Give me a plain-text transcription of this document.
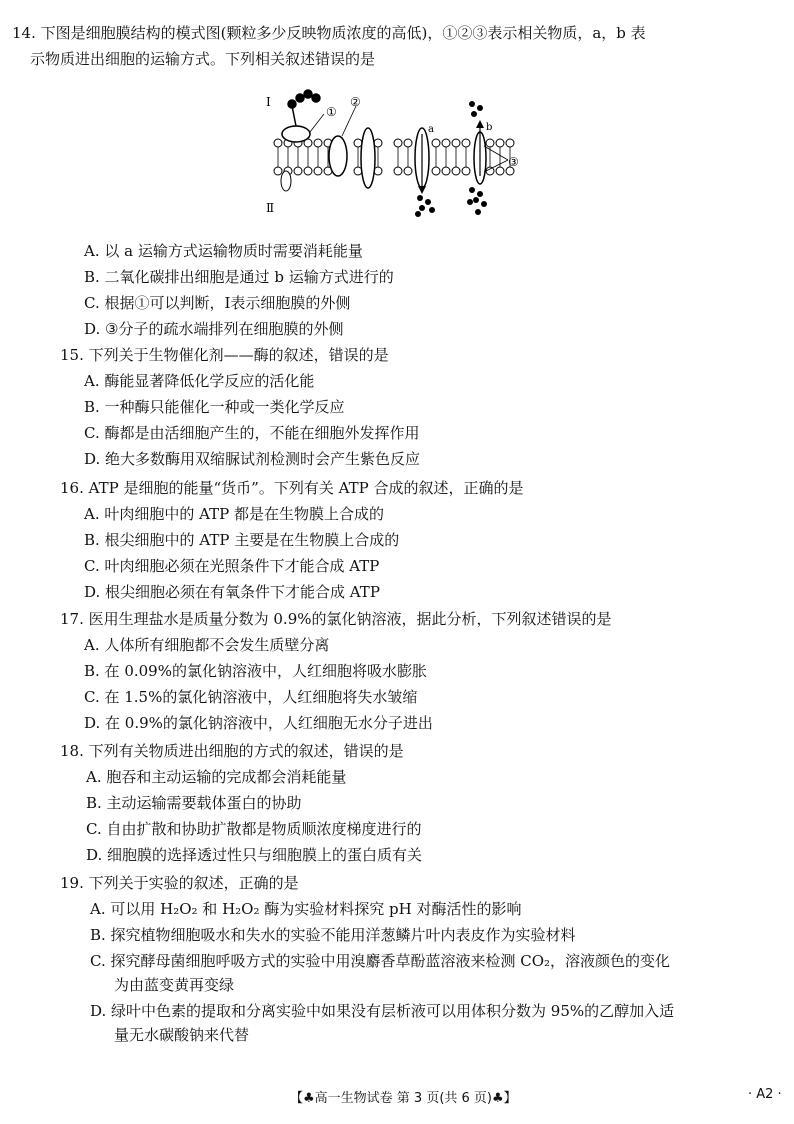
14. 下图是细胞膜结构的模式图(颗粒多少反映物质浓度的高低)，①②③表示相关物质，a，b 表
示物质进出细胞的运输方式。下列相关叙述错误的是
Ⅰ
Ⅱ
①
②
③
a	b
A. 以 a 运输方式运输物质时需要消耗能量
B. 二氧化碳排出细胞是通过 b 运输方式进行的
C. 根据①可以判断，Ⅰ表示细胞膜的外侧
D. ③分子的疏水端排列在细胞膜的外侧
15. 下列关于生物催化剂——酶的叙述，错误的是
A. 酶能显著降低化学反应的活化能
B. 一种酶只能催化一种或一类化学反应
C. 酶都是由活细胞产生的，不能在细胞外发挥作用
D. 绝大多数酶用双缩脲试剂检测时会产生紫色反应
16. ATP 是细胞的能量“货币”。下列有关 ATP 合成的叙述，正确的是
A. 叶肉细胞中的 ATP 都是在生物膜上合成的
B. 根尖细胞中的 ATP 主要是在生物膜上合成的
C. 叶肉细胞必须在光照条件下才能合成 ATP
D. 根尖细胞必须在有氧条件下才能合成 ATP
17. 医用生理盐水是质量分数为 0.9%的氯化钠溶液，据此分析，下列叙述错误的是
A. 人体所有细胞都不会发生质壁分离
B. 在 0.09%的氯化钠溶液中，人红细胞将吸水膨胀
C. 在 1.5%的氯化钠溶液中，人红细胞将失水皱缩
D. 在 0.9%的氯化钠溶液中，人红细胞无水分子进出
18. 下列有关物质进出细胞的方式的叙述，错误的是
A. 胞吞和主动运输的完成都会消耗能量
B. 主动运输需要载体蛋白的协助
C. 自由扩散和协助扩散都是物质顺浓度梯度进行的
D. 细胞膜的选择透过性只与细胞膜上的蛋白质有关
19. 下列关于实验的叙述，正确的是
A. 可以用 H₂O₂ 和 H₂O₂ 酶为实验材料探究 pH 对酶活性的影响
B. 探究植物细胞吸水和失水的实验不能用洋葱鳞片叶内表皮作为实验材料
C. 探究酵母菌细胞呼吸方式的实验中用溴麝香草酚蓝溶液来检测 CO₂，溶液颜色的变化
为由蓝变黄再变绿
D. 绿叶中色素的提取和分离实验中如果没有层析液可以用体积分数为 95%的乙醇加入适
量无水碳酸钠来代替
【♣高一生物试卷 第 3 页(共 6 页)♣】	· A2 ·
